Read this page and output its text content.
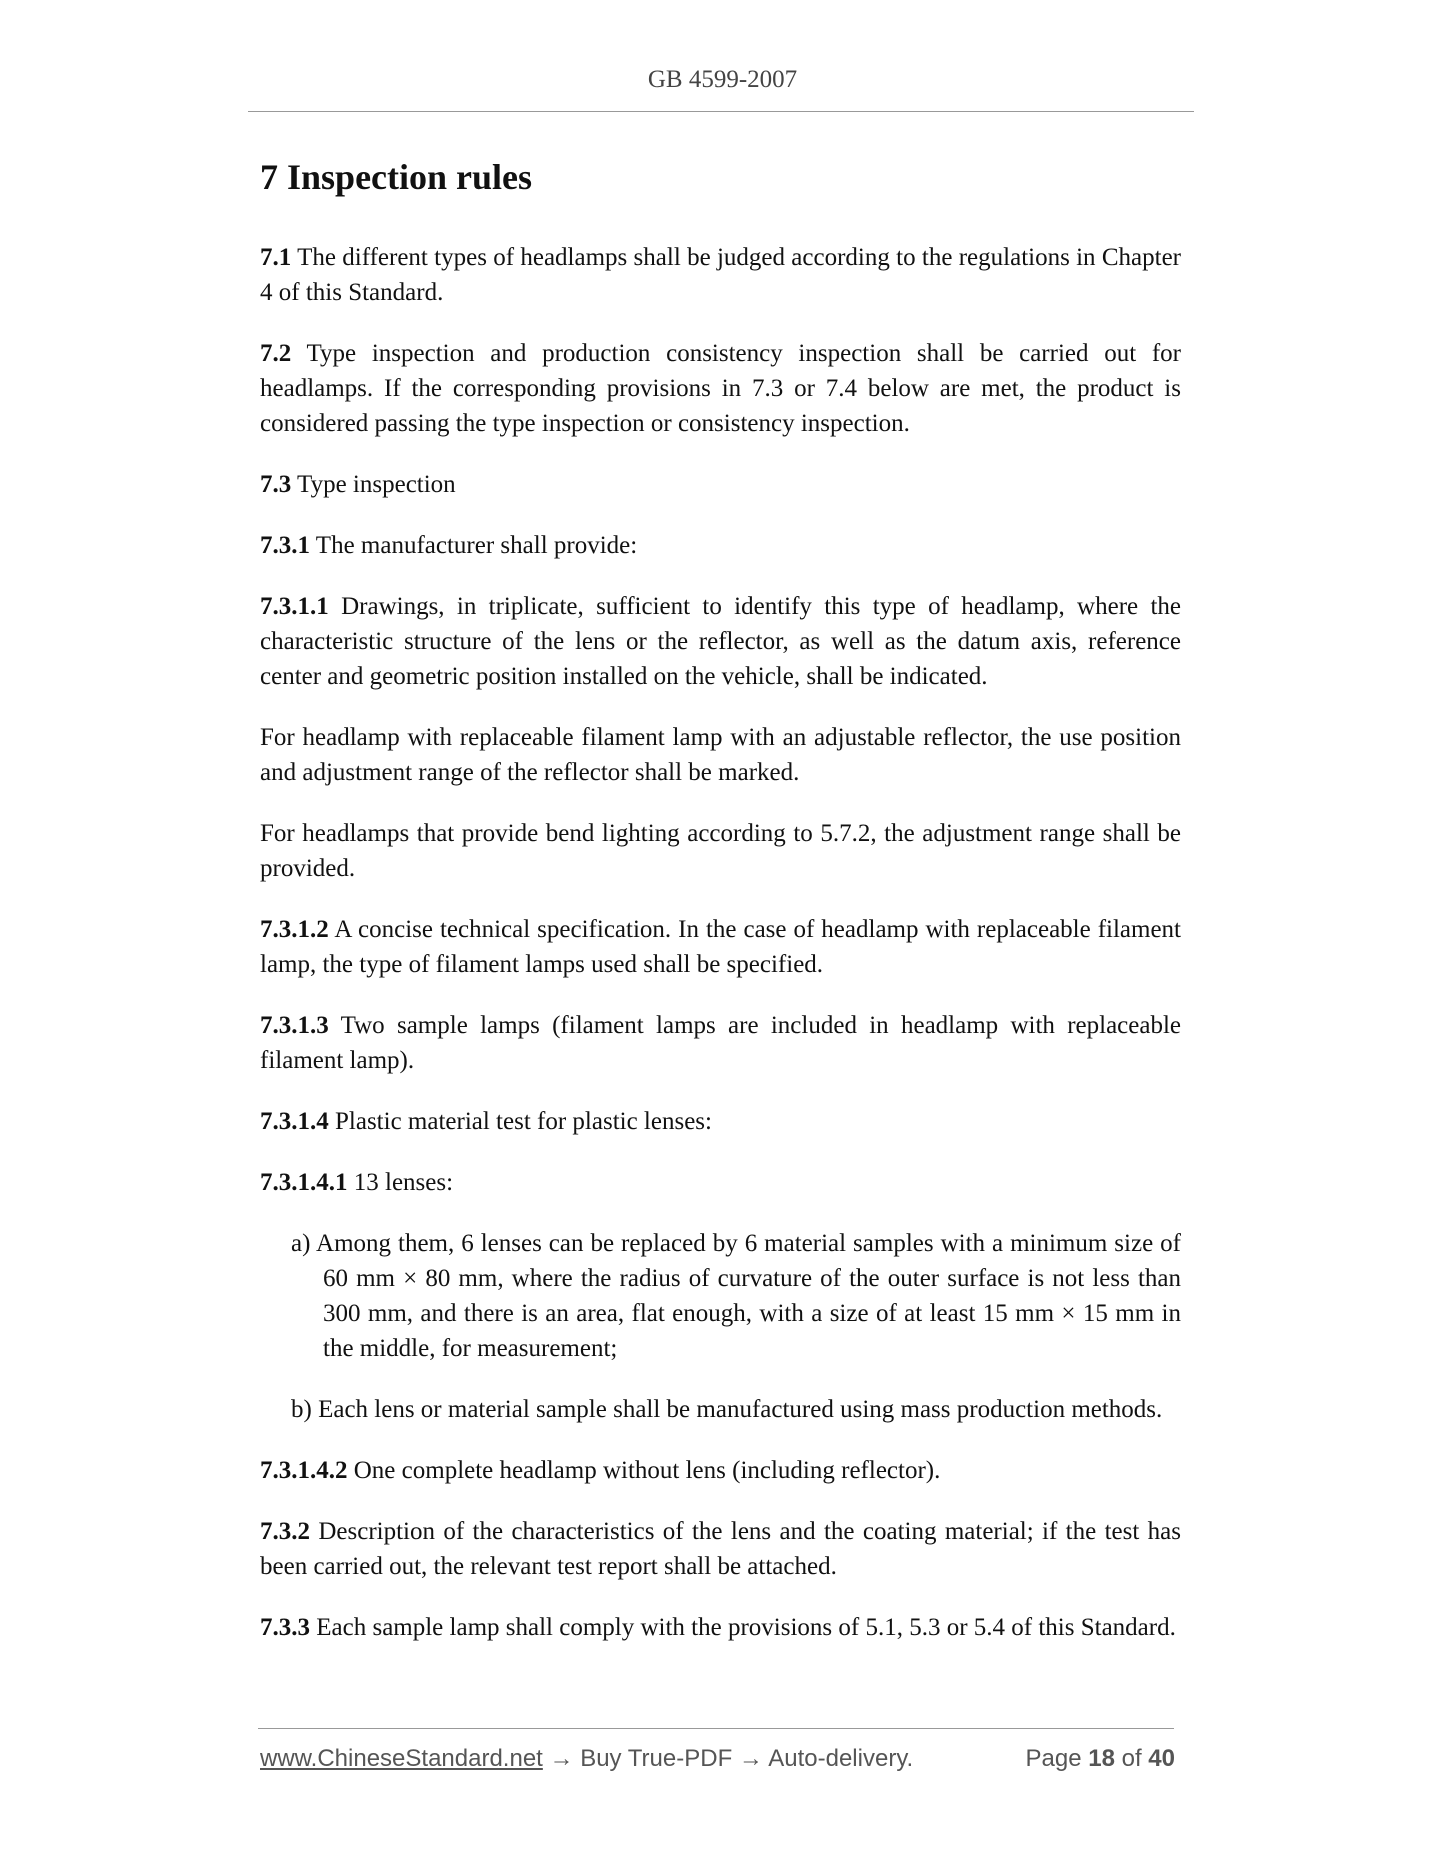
GB 4599-2007
7 Inspection rules

7.1 The different types of headlamps shall be judged according to the regulations in Chapter 4 of this Standard.

7.2 Type inspection and production consistency inspection shall be carried out for headlamps. If the corresponding provisions in 7.3 or 7.4 below are met, the product is considered passing the type inspection or consistency inspection.

7.3 Type inspection

7.3.1 The manufacturer shall provide:

7.3.1.1 Drawings, in triplicate, sufficient to identify this type of headlamp, where the characteristic structure of the lens or the reflector, as well as the datum axis, reference center and geometric position installed on the vehicle, shall be indicated.

For headlamp with replaceable filament lamp with an adjustable reflector, the use position and adjustment range of the reflector shall be marked.

For headlamps that provide bend lighting according to 5.7.2, the adjustment range shall be provided.

7.3.1.2 A concise technical specification. In the case of headlamp with replaceable filament lamp, the type of filament lamps used shall be specified.

7.3.1.3 Two sample lamps (filament lamps are included in headlamp with replaceable filament lamp).

7.3.1.4 Plastic material test for plastic lenses:

7.3.1.4.1 13 lenses:

a) Among them, 6 lenses can be replaced by 6 material samples with a minimum size of 60 mm × 80 mm, where the radius of curvature of the outer surface is not less than 300 mm, and there is an area, flat enough, with a size of at least 15 mm × 15 mm in the middle, for measurement;
b) Each lens or material sample shall be manufactured using mass production methods.

7.3.1.4.2 One complete headlamp without lens (including reflector).

7.3.2 Description of the characteristics of the lens and the coating material; if the test has been carried out, the relevant test report shall be attached.

7.3.3 Each sample lamp shall comply with the provisions of 5.1, 5.3 or 5.4 of this Standard.

www.ChineseStandard.net → Buy True-PDF → Auto-delivery.	Page 18 of 40
